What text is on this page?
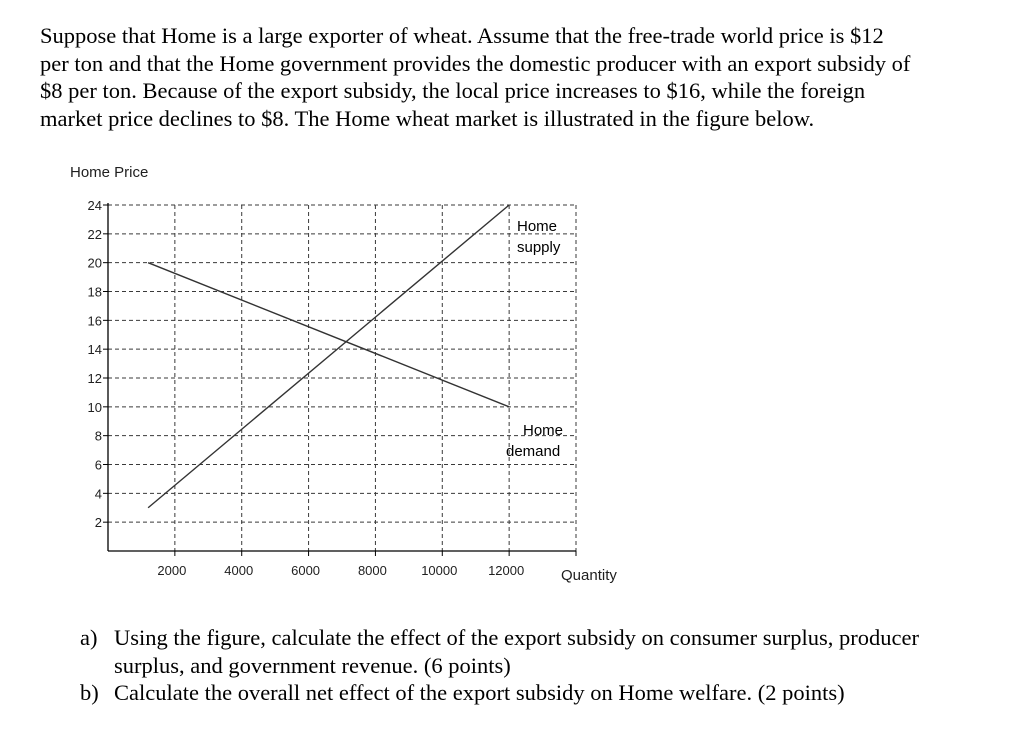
Suppose that Home is a large exporter of wheat. Assume that the free-trade world price is $12
per ton and that the Home government provides the domestic producer with an export subsidy of
$8 per ton. Because of the export subsidy, the local price increases to $16, while the foreign
market price declines to $8. The Home wheat market is illustrated in the figure below.
Home
supply
Home
demand
2
4
6
8
10
12
14
16
18
20
22
24
2000	4000	6000	8000	10000 12000
Home Price
Quantity
a) Using the figure, calculate the effect of the export subsidy on consumer surplus, producer
surplus, and government revenue. (6 points)
b) Calculate the overall net effect of the export subsidy on Home welfare. (2 points)
